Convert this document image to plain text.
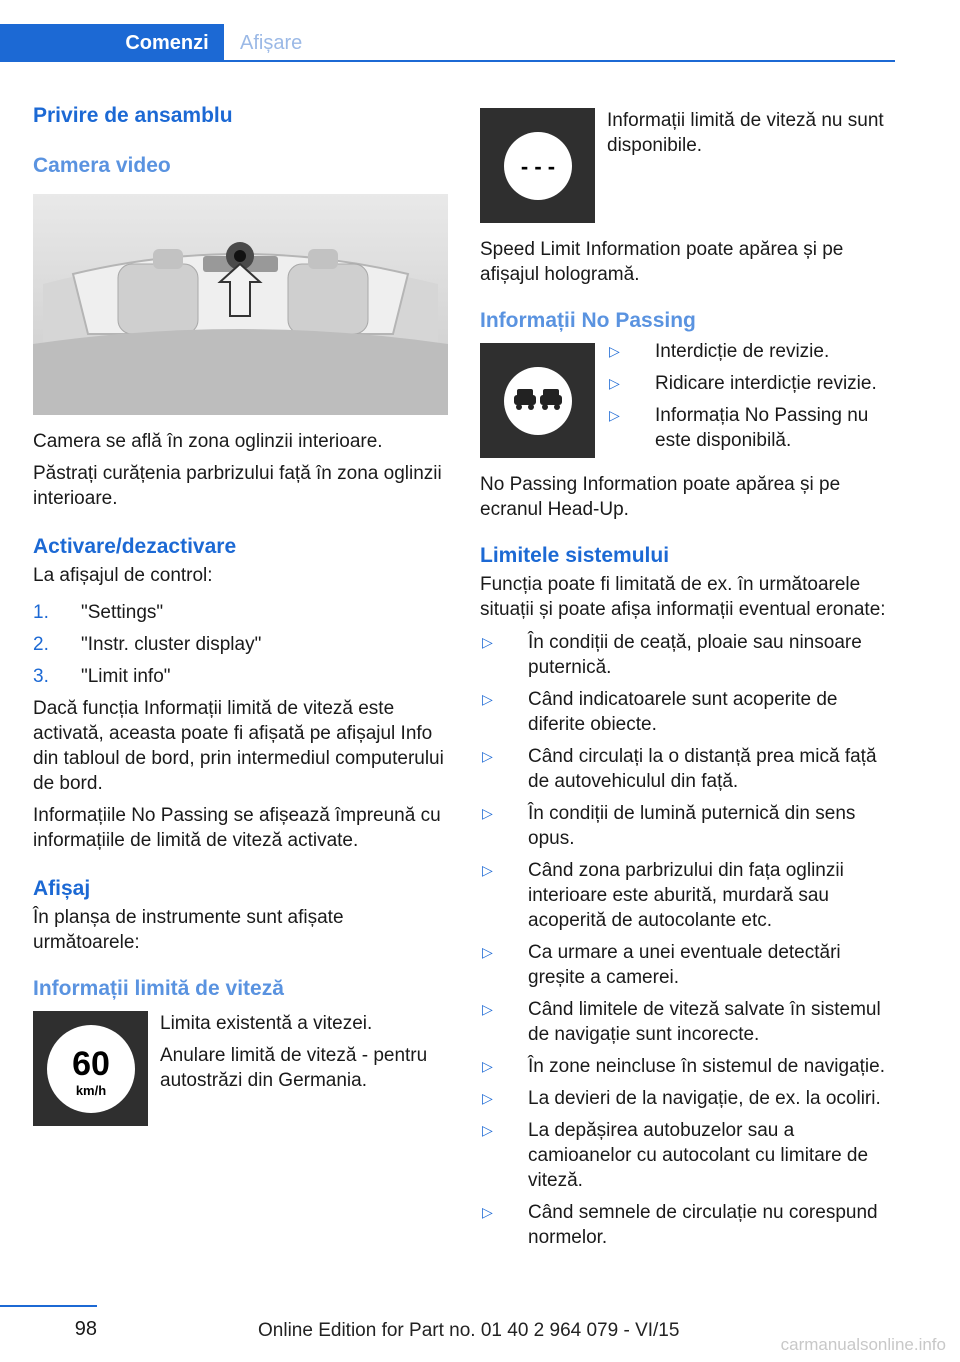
Comenzi	Afișare
Privire de ansamblu
Camera video

Camera se află în zona oglinzii interioare.

Păstrați curățenia parbrizului față în zona oglinzii interioare.

Activare/dezactivare

La afișajul de control:

1. "Settings"
2. "Instr. cluster display"
3. "Limit info"

Dacă funcția Informații limită de viteză este activată, aceasta poate fi afișată pe afișajul Info din tabloul de bord, prin intermediul computerului de bord.

Informațiile No Passing se afișează împreună cu informațiile de limită de viteză activate.

Afișaj

În planșa de instrumente sunt afișate următoarele:

Informații limită de viteză
60
km/h

Limita existentă a vitezei.

Anulare limită de viteză - pentru autostrăzi din Germania.

- - -

Informații limită de viteză nu sunt disponibile.

Speed Limit Information poate apărea și pe afișajul hologramă.

Informații No Passing
▷ Interdicție de revizie.
▷ Ridicare interdicție revizie.
▷ Informația No Passing nu este disponibilă.

No Passing Information poate apărea și pe ecranul Head-Up.

Limitele sistemului

Funcția poate fi limitată de ex. în următoarele situații și poate afișa informații eventual eronate:

▷ În condiții de ceață, ploaie sau ninsoare puternică.
▷ Când indicatoarele sunt acoperite de diferite obiecte.
▷ Când circulați la o distanță prea mică față de autovehiculul din față.
▷ În condiții de lumină puternică din sens opus.
▷ Când zona parbrizului din fața oglinzii interioare este aburită, murdară sau acoperită de autocolante etc.
▷ Ca urmare a unei eventuale detectări greșite a camerei.
▷ Când limitele de viteză salvate în sistemul de navigație sunt incorecte.
▷ În zone neincluse în sistemul de navigație.
▷ La devieri de la navigație, de ex. la ocoliri.
▷ La depășirea autobuzelor sau a camioanelor cu autocolant cu limitare de viteză.
▷ Când semnele de circulație nu corespund normelor.
98	Online Edition for Part no. 01 40 2 964 079 - VI/15
carmanualsonline.info
